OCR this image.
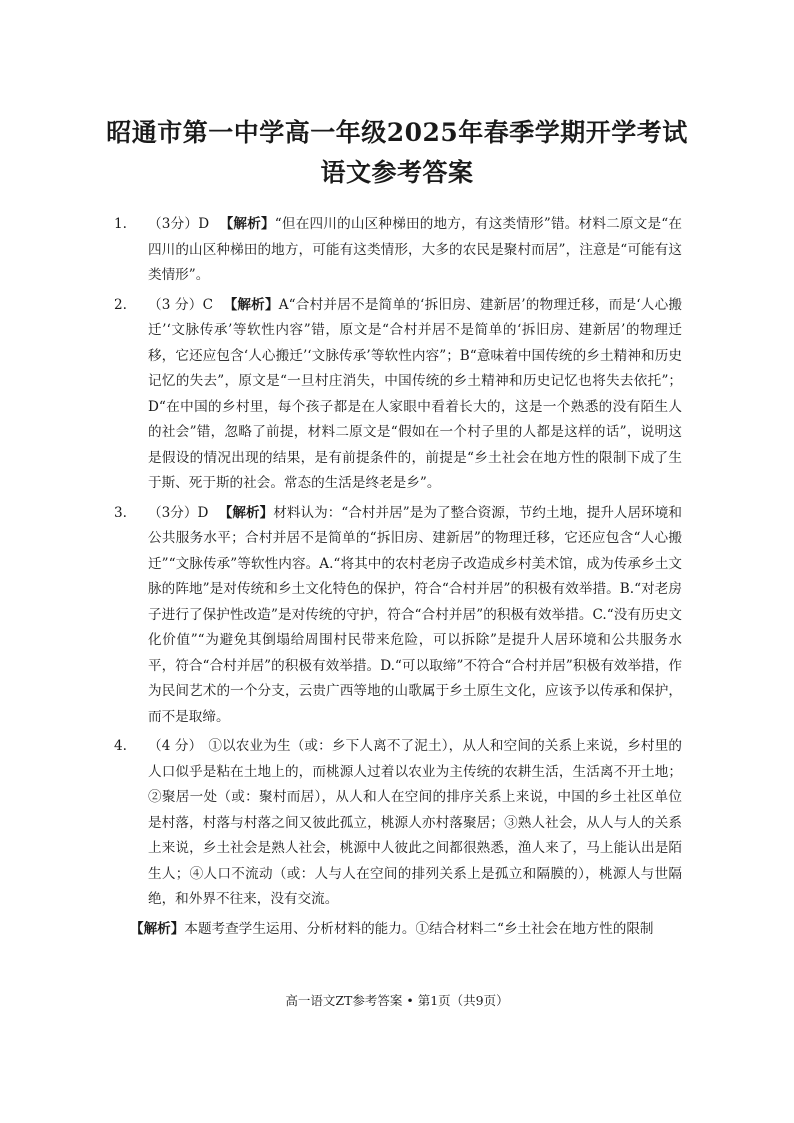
昭通市第一中学高一年级2025年春季学期开学考试
语文参考答案
1. （3分）D 【解析】“但在四川的山区种梯田的地方，有这类情形”错。材料二原文是“在四川的山区种梯田的地方，可能有这类情形，大多的农民是聚村而居”，注意是“可能有这类情形”。
2. （3 分）C 【解析】A“合村并居不是简单的‘拆旧房、建新居’的物理迁移，而是‘人心搬迁’‘文脉传承’等软性内容”错，原文是“合村并居不是简单的‘拆旧房、建新居’的物理迁移，它还应包含‘人心搬迁’‘文脉传承’等软性内容”；B“意味着中国传统的乡土精神和历史记忆的失去”，原文是“一旦村庄消失，中国传统的乡土精神和历史记忆也将失去依托”；D“在中国的乡村里，每个孩子都是在人家眼中看着长大的，这是一个熟悉的没有陌生人的社会”错，忽略了前提，材料二原文是“假如在一个村子里的人都是这样的话”，说明这是假设的情况出现的结果，是有前提条件的，前提是“乡土社会在地方性的限制下成了生于斯、死于斯的社会。常态的生活是终老是乡”。
3. （3分）D 【解析】材料认为：“合村并居”是为了整合资源，节约土地，提升人居环境和公共服务水平；合村并居不是简单的“拆旧房、建新居”的物理迁移，它还应包含“人心搬迁”“文脉传承”等软性内容。A.“将其中的农村老房子改造成乡村美术馆，成为传承乡土文脉的阵地”是对传统和乡土文化特色的保护，符合“合村并居”的积极有效举措。B.“对老房子进行了保护性改造”是对传统的守护，符合“合村并居”的积极有效举措。C.“没有历史文化价值”“为避免其倒塌给周围村民带来危险，可以拆除”是提升人居环境和公共服务水平，符合“合村并居”的积极有效举措。D.“可以取缔”不符合“合村并居”积极有效举措，作为民间艺术的一个分支，云贵广西等地的山歌属于乡土原生文化，应该予以传承和保护，而不是取缔。
4. （4 分） ①以农业为生（或：乡下人离不了泥土），从人和空间的关系上来说，乡村里的人口似乎是粘在土地上的，而桃源人过着以农业为主传统的农耕生活，生活离不开土地；②聚居一处（或：聚村而居），从人和人在空间的排序关系上来说，中国的乡土社区单位是村落，村落与村落之间又彼此孤立，桃源人亦村落聚居；③熟人社会，从人与人的关系上来说，乡土社会是熟人社会，桃源中人彼此之间都很熟悉，渔人来了，马上能认出是陌生人；④人口不流动（或：人与人在空间的排列关系上是孤立和隔膜的），桃源人与世隔绝，和外界不往来，没有交流。
【解析】本题考查学生运用、分析材料的能力。①结合材料二“乡土社会在地方性的限制
高一语文ZT参考答案 • 第1页（共9页）
